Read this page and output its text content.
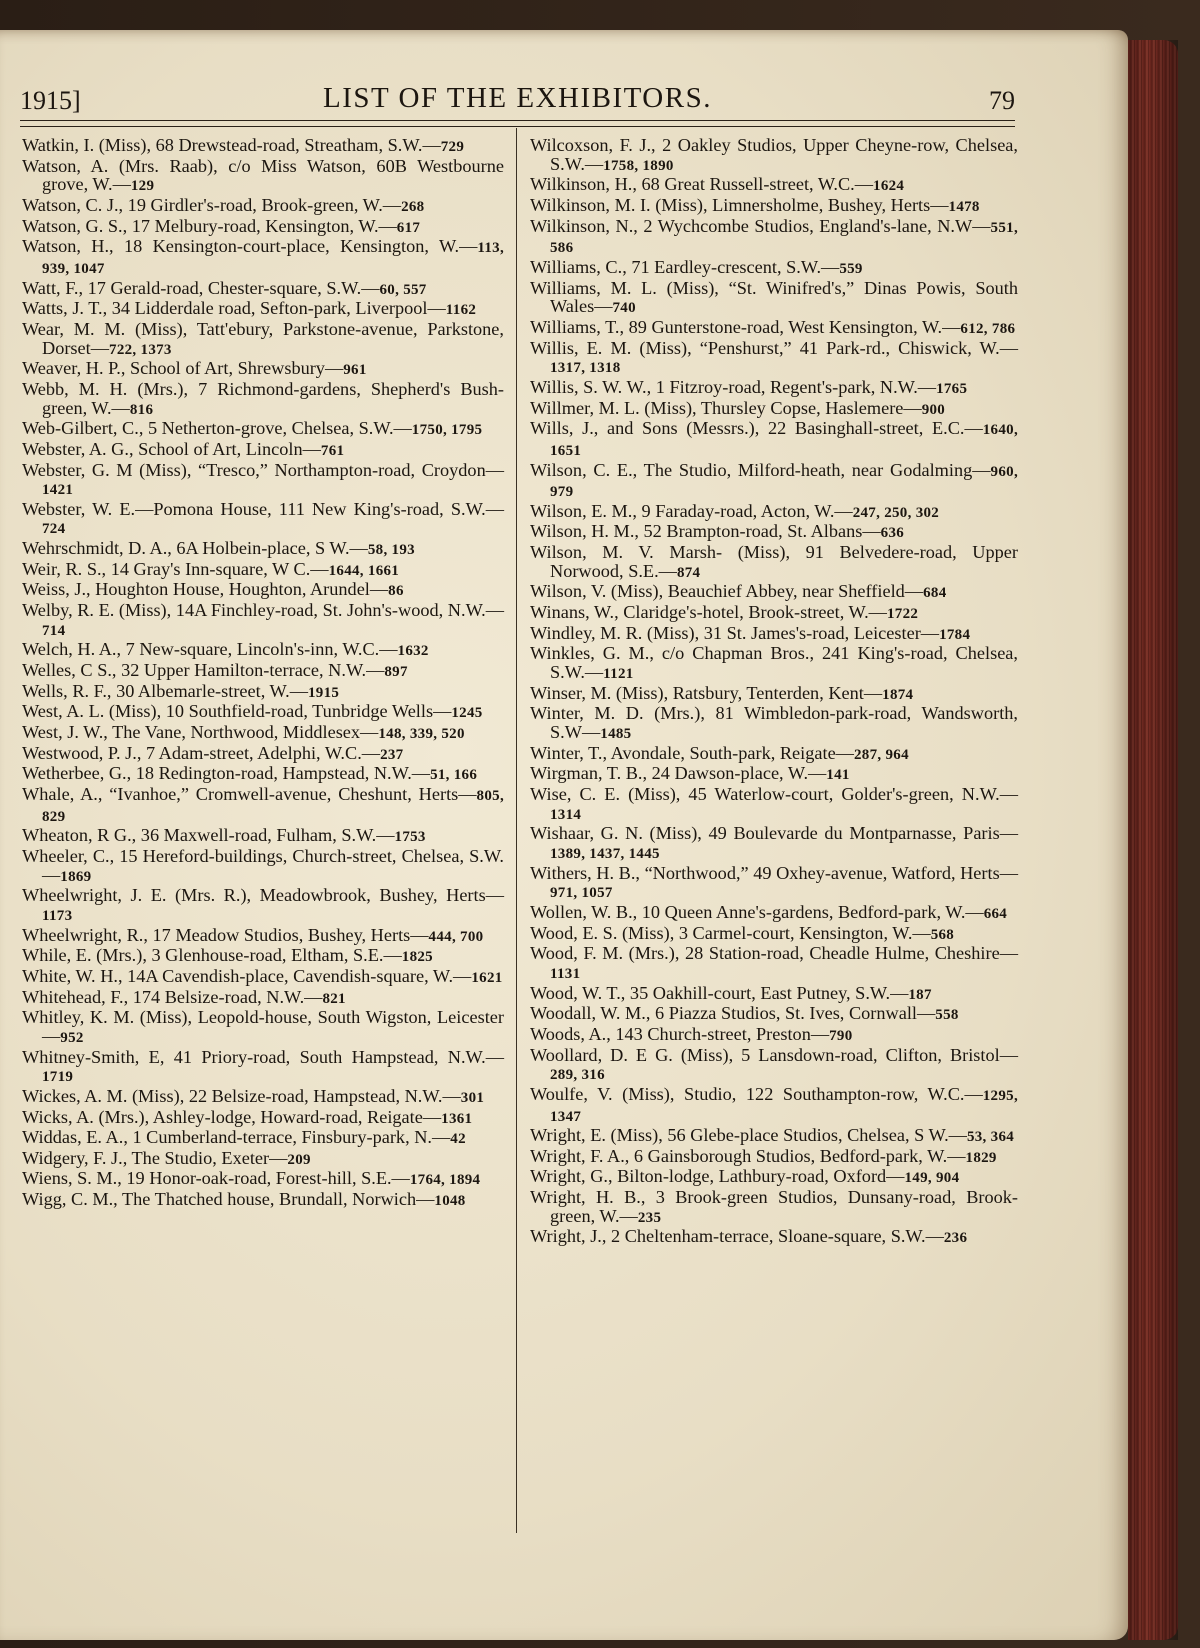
1915]	LIST OF THE EXHIBITORS.	79

Watkin, I. (Miss), 68 Drewstead-road, Streatham, S.W.—729

Watson, A. (Mrs. Raab), c/o Miss Watson, 60B Westbourne grove, W.—129

Watson, C. J., 19 Girdler's-road, Brook-green, W.—268

Watson, G. S., 17 Melbury-road, Kensington, W.—617

Watson, H., 18 Kensington-court-place, Kensington, W.—113, 939, 1047

Watt, F., 17 Gerald-road, Chester-square, S.W.—60, 557

Watts, J. T., 34 Lidderdale road, Sefton-park, Liverpool—1162

Wear, M. M. (Miss), Tatt'ebury, Parkstone-avenue, Parkstone, Dorset—722, 1373

Weaver, H. P., School of Art, Shrewsbury—961

Webb, M. H. (Mrs.), 7 Richmond-gardens, Shepherd's Bush-green, W.—816

Web-Gilbert, C., 5 Netherton-grove, Chelsea, S.W.—1750, 1795

Webster, A. G., School of Art, Lincoln—761

Webster, G. M (Miss), “Tresco,” Northampton-road, Croydon—1421

Webster, W. E.—Pomona House, 111 New King's-road, S.W.—724

Wehrschmidt, D. A., 6A Holbein-place, S W.—58, 193

Weir, R. S., 14 Gray's Inn-square, W C.—1644, 1661

Weiss, J., Houghton House, Houghton, Arundel—86

Welby, R. E. (Miss), 14A Finchley-road, St. John's-wood, N.W.—714

Welch, H. A., 7 New-square, Lincoln's-inn, W.C.—1632

Welles, C S., 32 Upper Hamilton-terrace, N.W.—897

Wells, R. F., 30 Albemarle-street, W.—1915

West, A. L. (Miss), 10 Southfield-road, Tunbridge Wells—1245

West, J. W., The Vane, Northwood, Middlesex—148, 339, 520

Westwood, P. J., 7 Adam-street, Adelphi, W.C.—237

Wetherbee, G., 18 Redington-road, Hampstead, N.W.—51, 166

Whale, A., “Ivanhoe,” Cromwell-avenue, Cheshunt, Herts—805, 829

Wheaton, R G., 36 Maxwell-road, Fulham, S.W.—1753

Wheeler, C., 15 Hereford-buildings, Church-street, Chelsea, S.W.—1869

Wheelwright, J. E. (Mrs. R.), Meadowbrook, Bushey, Herts—1173

Wheelwright, R., 17 Meadow Studios, Bushey, Herts—444, 700

While, E. (Mrs.), 3 Glenhouse-road, Eltham, S.E.—1825

White, W. H., 14A Cavendish-place, Cavendish-square, W.—1621

Whitehead, F., 174 Belsize-road, N.W.—821

Whitley, K. M. (Miss), Leopold-house, South Wigston, Leicester—952

Whitney-Smith, E, 41 Priory-road, South Hampstead, N.W.—1719

Wickes, A. M. (Miss), 22 Belsize-road, Hampstead, N.W.—301

Wicks, A. (Mrs.), Ashley-lodge, Howard-road, Reigate—1361

Widdas, E. A., 1 Cumberland-terrace, Finsbury-park, N.—42

Widgery, F. J., The Studio, Exeter—209

Wiens, S. M., 19 Honor-oak-road, Forest-hill, S.E.—1764, 1894

Wigg, C. M., The Thatched house, Brundall, Norwich—1048

Wilcoxson, F. J., 2 Oakley Studios, Upper Cheyne-row, Chelsea, S.W.—1758, 1890

Wilkinson, H., 68 Great Russell-street, W.C.—1624

Wilkinson, M. I. (Miss), Limnersholme, Bushey, Herts—1478

Wilkinson, N., 2 Wychcombe Studios, England's-lane, N.W—551, 586

Williams, C., 71 Eardley-crescent, S.W.—559

Williams, M. L. (Miss), “St. Winifred's,” Dinas Powis, South Wales—740

Williams, T., 89 Gunterstone-road, West Kensington, W.—612, 786

Willis, E. M. (Miss), “Penshurst,” 41 Park-rd., Chiswick, W.—1317, 1318

Willis, S. W. W., 1 Fitzroy-road, Regent's-park, N.W.—1765

Willmer, M. L. (Miss), Thursley Copse, Haslemere—900

Wills, J., and Sons (Messrs.), 22 Basinghall-street, E.C.—1640, 1651

Wilson, C. E., The Studio, Milford-heath, near Godalming—960, 979

Wilson, E. M., 9 Faraday-road, Acton, W.—247, 250, 302

Wilson, H. M., 52 Brampton-road, St. Albans—636

Wilson, M. V. Marsh- (Miss), 91 Belvedere-road, Upper Norwood, S.E.—874

Wilson, V. (Miss), Beauchief Abbey, near Sheffield—684

Winans, W., Claridge's-hotel, Brook-street, W.—1722

Windley, M. R. (Miss), 31 St. James's-road, Leicester—1784

Winkles, G. M., c/o Chapman Bros., 241 King's-road, Chelsea, S.W.—1121

Winser, M. (Miss), Ratsbury, Tenterden, Kent—1874

Winter, M. D. (Mrs.), 81 Wimbledon-park-road, Wandsworth, S.W—1485

Winter, T., Avondale, South-park, Reigate—287, 964

Wirgman, T. B., 24 Dawson-place, W.—141

Wise, C. E. (Miss), 45 Waterlow-court, Golder's-green, N.W.—1314

Wishaar, G. N. (Miss), 49 Boulevarde du Montparnasse, Paris—1389, 1437, 1445

Withers, H. B., “Northwood,” 49 Oxhey-avenue, Watford, Herts—971, 1057

Wollen, W. B., 10 Queen Anne's-gardens, Bedford-park, W.—664

Wood, E. S. (Miss), 3 Carmel-court, Kensington, W.—568

Wood, F. M. (Mrs.), 28 Station-road, Cheadle Hulme, Cheshire—1131

Wood, W. T., 35 Oakhill-court, East Putney, S.W.—187

Woodall, W. M., 6 Piazza Studios, St. Ives, Cornwall—558

Woods, A., 143 Church-street, Preston—790

Woollard, D. E G. (Miss), 5 Lansdown-road, Clifton, Bristol—289, 316

Woulfe, V. (Miss), Studio, 122 Southampton-row, W.C.—1295, 1347

Wright, E. (Miss), 56 Glebe-place Studios, Chelsea, S W.—53, 364

Wright, F. A., 6 Gainsborough Studios, Bedford-park, W.—1829

Wright, G., Bilton-lodge, Lathbury-road, Oxford—149, 904

Wright, H. B., 3 Brook-green Studios, Dunsany-road, Brook-green, W.—235

Wright, J., 2 Cheltenham-terrace, Sloane-square, S.W.—236
